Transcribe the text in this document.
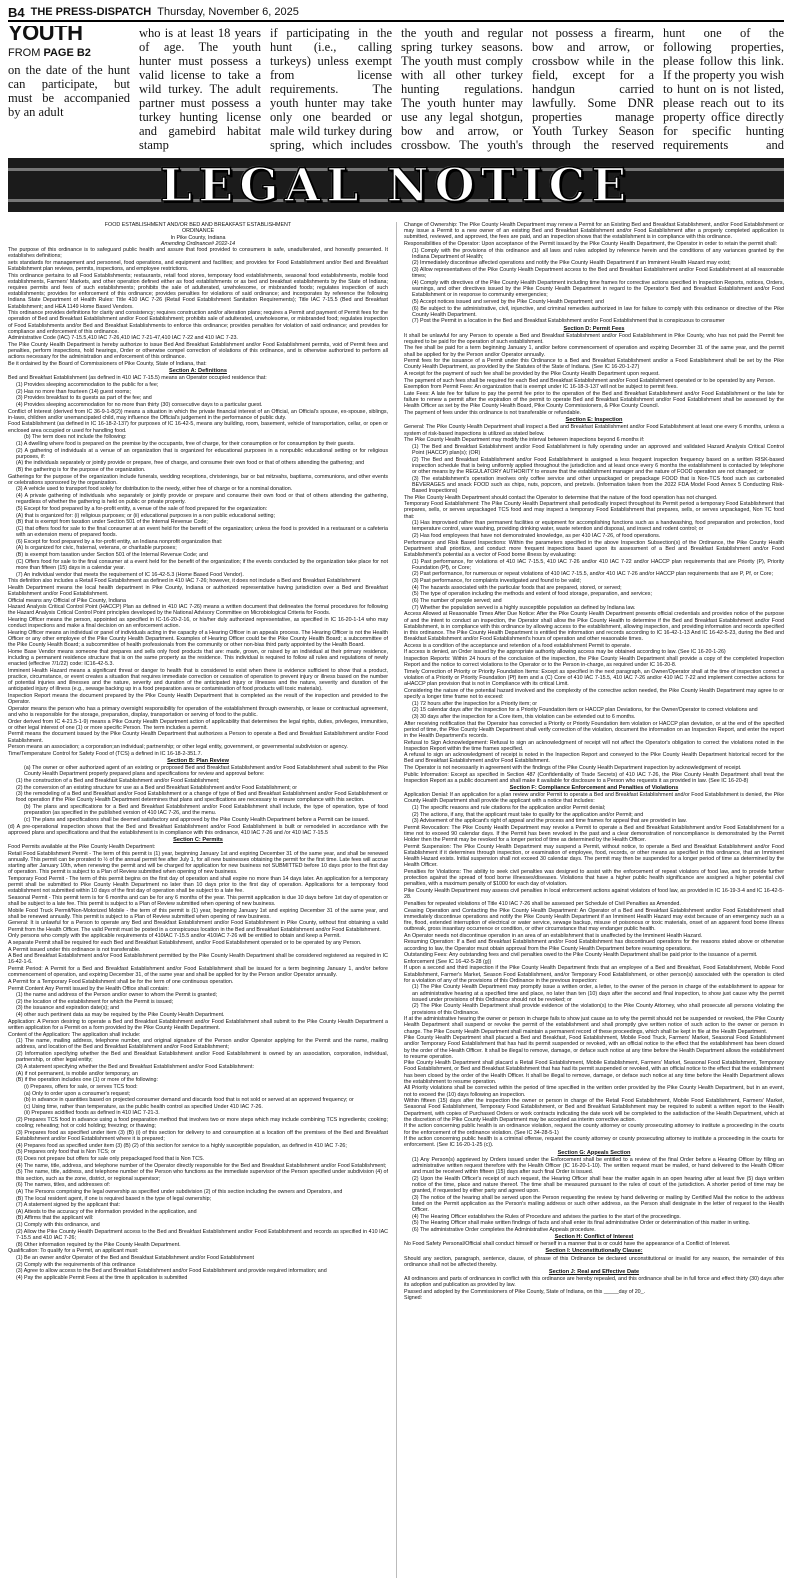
B4 THE PRESS-DISPATCH Thursday, November 6, 2025
YOUTH
FROM PAGE B2
on the date of the hunt can participate, but must be accompanied by an adult
who is at least 18 years of age. The youth hunter must possess a valid license to take a wild turkey. The adult partner must possess a turkey hunting license and gamebird habitat stamp
if participating in the hunt (i.e., calling turkeys) unless exempt from license requirements. The youth hunter may take only one bearded or male wild turkey during spring, which includes
the youth and regular spring turkey seasons. The youth must comply with all other turkey hunting regulations. The youth hunter may use any legal shotgun, bow and arrow, or crossbow. The youth's
not possess a firearm, bow and arrow, or crossbow while in the field, except for a handgun carried lawfully. Some DNR properties manage Youth Turkey Season through the reserved
hunt one of the following properties, please follow this link. If the property you wish to hunt on is not listed, please reach out to its property office directly for specific hunting requirements and
LEGAL NOTICE
FOOD ESTABLISHMENT AND/OR BED AND BREAKFAST ESTABLISHMENT
ORDINANCE
In Pike County, Indiana
Amending Ordinance# 2022-14

The purpose of this ordinance is to safeguard public health and assure that food provided to consumers is safe, unadulterated, and honestly presented. It establishes definitions;

sets standards for management and personnel, food operations, and equipment and facilities; and provides for Food Establishment and/or Bed and Breakfast Establishment plan reviews, permits, inspections, and employee restrictions.

This ordinance pertains to all Food Establishments; restaurants, retail food stores, temporary food establishments, seasonal food establishments, mobile food establishments, Farmers' Markets, and other operation defined either as food establishments or as bed and breakfast establishments by the State of Indiana; requires permits and fees of such establishments; prohibits the sale of adulterated, unwholesome, or misbranded foods; regulates inspection of such establishments; provides for enforcement of this ordinance; provides penalties for violations of said ordinance; and incorporates by reference the following Indiana State Department of Health Rules: Title 410 IAC 7-26 (Retail Food Establishment Sanitation Requirements); Title IAC 7-15.5 (Bed and Breakfast Establishment; and HEA 1149 Home Based Vendors.

This ordinance provides definitions for clarity and consistency; requires construction and/or alteration plans; requires a Permit and payment of Permit fees for the operation of Bed and Breakfast Establishment and/or Food Establishment; prohibits sale of adulterated, unwholesome, or misbranded food; regulates inspection of Food Establishments and/or Bed and Breakfast Establishments to enforce this ordinance; provides penalties for violation of said ordinance; and provides for compliance and enforcement of this ordinance.

Administrative Code (IAC) 7-15.5,410 IAC 7-26,410 IAC 7-21-47,410 IAC 7-22 and 410 IAC 7-23.

The Pike County Health Department is hereby authorize to issue Bed And Breakfast Establishment and/or Food Establishment permits, void of Permit fees and penalties, perform inspections, hold hearings, Order or otherwise compel correction of violations of this ordinance, and is otherwise authorized to perform all actions necessary for the administration and enforcement of this ordinance.

Be it ordained by the Board of Commissioners of Pike County, State of Indiana, that:

Section A: Definitions

Bed and Breakfast Establishment (as defined in 410 IAC 7-15.5) means an Operator occupied residence that:

(1) Provides sleeping accommodation to the public for a fee;

(2) Has no more than fourteen (14) guest rooms;

(3) Provides breakfast to its guests as part of the fee; and

(4) Provides sleeping accommodation for no more than thirty (30) consecutive days to a particular guest.

Conflict of Interest (derived from IC 36-9-1-8(2)) means a situation in which the private financial interest of an Official, an Official's spouse, ex-spouse, siblings, in-laws, children and/or unemancipated child, may influence the Official's judgement in the performance of public duty.

Food Establishment (as defined in IC 16-18-2-137) for purposes of IC 16-42-5, means any building, room, basement, vehicle of transportation, cellar, or open or enclosed area occupied or used for handling food.

(b) The term does not include the following:

(1) A dwelling where food is prepared on the premise by the occupants, free of charge, for their consumption or for consumption by their guests.

(2) A gathering of individuals at a venue of an organization that is organized for educational purposes in a nonpublic educational setting or for religious purposes, if:

(A) the individuals separately or jointly provide or prepare, free of charge, and consume their own food or that of others attending the gathering; and

(B) the gathering is for the purpose of the organization.

Gatherings for the purpose of the organization include funerals, wedding receptions, christenings, bar or bat mitzvahs, baptisms, communions, and other events or celebrations sponsored by the organization.

(3) A vehicle used to transport food solely for distribution to the needy, either free of charge or for a nominal donation.

(4) A private gathering of individuals who separately or jointly provide or prepare and consume their own food or that of others attending the gathering, regardless of whether the gathering is held on public or private property.

(5) Except for food prepared by a for-profit entity, a venue of the sale of food prepared for the organization:

(A) that is organized for: (i) religious purposes; or (ii) educational purposes in a non public educational setting;

(B) that is exempt from taxation under Section 501 of the Internal Revenue Code;

(C) that offers food for sale to the final consumer at an event held for the benefit of the organization; unless the food is provided in a restaurant or a cafeteria with an extension menu of prepared foods.

(6) Except for food prepared by a for-profit entity, an Indiana nonprofit organization that:

(A) Is organized for civic, fraternal, veterans, or charitable purposes;

(B) is exempt from taxation under Section 501 of the Internal Revenue Code; and

(C) Offers food for sale to the final consumer at a event held for the benefit of the organization; if the events conducted by the organization take place for not more than fifteen (15) days in a calendar year.

(7) An individual vendor that meets the requirement of IC 16-42-5.3 (Home Based Food Vendor).

This definition also includes a Retail Food Establishment as defined in 410 IAC 7-26; however, it does not include a Bed and Breakfast Establishment

Health Department means the local health department in Pike County, Indiana or authorized representative having jurisdiction over a Bed and Breakfast Establishment and/or Food Establishment.

Official means any Official of Pike County, Indiana

Hazard Analysis Critical Control Point (HACCP) Plan as defined in 410 IAC 7-26) means a written document that delineates the formal procedures for following the Hazard Analysis Critical Control Point principles developed by the National Advisory Committee on Microbiological Criteria for Foods.

Hearing Officer means the person, appointed as specified in IC-16-20-2-16, or his/her duly authorized representative, as specified in IC 16-20-1-14 who may conduct inspections and make a final decision on an enforcement action.

Hearing Officer means an individual or panel of individuals acting in the capacity of a Hearing Officer in an appeals process. The Hearing Officer is not the Health Officer or any other employee of the Pike County Health Department. Examples of Hearing Officer could be the Pike County Health Board; a subcommittee of the Pike County Health Board; a subcommittee of health professionals from the community or other non-bias third party appointed by the Health Board.

Home Base Vendor means someone that prepares and sells only food products that are: made, grown, or raised by an individual at their primary residence, including a permanent residence structure that is on the same property as the residence. This individual is required to follow all rules and regulations of newly enacted (effective 7/1/22) code: IC16-42-5.3.

Imminent Health Hazard means a significant threat or danger to health that is considered to exist when there is evidence sufficient to show that a product, practice, circumstance, or event creates a situation that requires immediate correction or cessation of operation to prevent injury or illness based on the number of potential injuries and illnesses and the nature, severity and duration of the anticipated injury or illnesses and the nature, severity and duration of the anticipated injury of illness (e.g., sewage backing up in a food preparation area or contamination of food products will toxic materials).

Inspection Report means the document prepared by the Pike County Health Department that is completed as the result of the inspection and provided to the Operator.

Operator means the person who has a primary oversight responsibility for operation of the establishment through ownership, or lease or contractual agreement, and who is responsible for the storage, preparation, display, transportation or serving of food to the public.

Order derived from IC 4-21.5-1-9) means a Pike County Health Department action of applicability that determines the legal rights, duties, privileges, immunities, or other legal interest of one (1) or more specific Person. The term includes a permit.

Permit means the document issued by the Pike County Health Department that authorizes a Person to operate a Bed and Breakfast Establishment and/or Food Establishment.

Person means an association; a corporation;an individual; partnership; or other legal entity, government, or governmental subdivision or agency.

Time/Temperature Control for Safety Food of (TCS) a defined in IC 16-18-2-351.7.

Section B: Plan Review

(a) The owner or other authorized agent of an existing or proposed Bed and Breakfast Establishment and/or Food Establishment shall submit to the Pike County Health Department properly prepared plans and specifications for review and approval before:

(1) the construction of a Bed and Breakfast Establishment and/or Food Establishment;

(2) the conversion of an existing structure for use as a Bed and Breakfast Establishment and/or Food Establishment; or

(3) the remodeling of a Bed and Breakfast and/or Food Establishment or a change of type of Bed and Breakfast Establishment and/or Food Establishment or food operation if the Pike County Health Department determines that plans and specifications are necessary to ensure compliance with this section.

(b) The plans and specifications for a Bed and Breakfast Establishment and/or Food Establishment shall include, the type of operation, type of food preparation (as specified in the published version of 410 IAC 7-26, and the menu.

(c) The plans and specifications shall be deemed satisfactory and approved by the Pike County Health Department before a Permit can be issued.

(d) A pre-operational inspection shows that the Bed and Breakfast Establishment and/or Food Establishment is built or remodeled in accordance with the approved plans and specifications and that the establishment is in compliance with this ordinance, 410 IAC 7-26 and /or 410 IAC 7-15.5

Section C: Permits

Food Permits available at the Pike County Health Department:

Retail Food Establishment Permit - The term of this permit is (1) year, beginning January 1st and expiring December 31 of the same year, and shall be renewed annually. This permit can be prorated to ½ of the annual permit fee after July 1, for all new businesses obtaining the permit for the first time. Late fees will accrue starting after January 10th, when renewing the permit and will be charged for application for new business not SUBMITTED before 10 days prior to the first day of operation. This permit is subject to a Plan of Review submitted when opening of new business.

Temporary Food Permit - The term of this permit begins on the first day of operation and shall expire no more than 14 days later. An application for a temporary permit shall be submitted to Pike County Health Department no later than 10 days prior to the first day of operation. Applications for a temporary food establishment not submitted within 10 days of the first day of operation shall be subject to a late fee.

Seasonal Permit - This permit term is for 6 months and can be for any 6 months of the year. This permit application is due 10 days before 1st day of operation or shall be subject to a late fee. This permit is subject to a Plan of Review submitted when opening of new business.

Mobile Food Truck Permit/Non-Motorized Mobile - the term of this permit is (1) year, beginning January 1st and expiring December 31 of the same year, and shall be renewed annually. This permit is subject to a Plan of Review submitted when opening of new business.

General: It is unlawful for a Person to operate any Bed and Breakfast Establishment and/or Food Establishment in Pike County, without first obtaining a valid Permit from the Health Officer. The valid Permit must be posted in a conspicuous location in the Bed and Breakfast Establishment and/or Food Establishment.

Only persons who comply with the applicable requirements of 410IAC 7-15.5 and/or 410IAC 7-26 will be entitled to obtain and keep a Permit.

A separate Permit shall be required for each Bed and Breakfast Establishment, and/or Food Establishment operated or to be operated by any Person.

A Permit issued under this ordinance is not transferable.

A Bed and Breakfast Establishment and/or Food Establishment permitted by the Pike County Health Department shall be considered registered as required in IC 16-42-1-6.

Permit Period: A Permit for a Bed and Breakfast Establishment and/or Food Establishment shall be issued for a term beginning January 1, and/or before commencement of operation, and expiring December 31, of the same year and shall be applied for by the Person and/or Operator annually.

A Permit for a Temporary Food Establishment shall be for the term of one continuous operation.

Permit Content Any Permit issued by the Health Office shall contain:

(1) the name and address of the Person and/or owner to whom the Permit is granted;

(2) the location of the establishment for which the Permit is issued;

(3) the issuance and expiration date(s); and

(4) other such pertinent data as may be required by the Pike County Health Department.

Application: A Person desiring to operate a Bed and Breakfast Establishment and/or Food Establishment shall submit to the Pike County Health Department a written application for a Permit on a form provided by the Pike County Health Department.

Content of the Application: The application shall include:

(1) The name, mailing address, telephone number, and original signature of the Person and/or Operator applying for the Permit and the name, mailing address, and location of the Bed and Breakfast Establishment and/or Food Establishment;

(2) Information specifying whether the Bed and Breakfast Establishment and/or Food Establishment is owned by an association, corporation, individual, partnership, or other legal entity;

(3) A statement specifying whether the Bed and Breakfast Establishment and/or Food Establishment:

(A) if not permanent, is mobile and/or temporary, an

(B) if the operation includes one (1) or more of the following:

(i) Prepares, offers for sale, or serves TCS food:

(a) Only to order upon a consumer's request;

(b) in advance in quantities based on projected consumer demand and discards food that is not sold or served at an approved frequency; or

(c) Using time, rather than temperature, as the public health control as specified Under 410 IAC 7-26.

(ii) Prepares acidified foods as defined in 410 IAC 7-21-3.

(2) Prepares TCS food in advance using a food preparation method that involves two or more steps which may include combining TCS ingredients; cooking; cooling; reheating; hot or cold holding; freezing; or thawing;

(3) Prepares food as specified under item (3) (B) (i) of this section for delivery to and consumption at a location off the premises of the Bed and Breakfast Establishment and/or Food Establishment where it is prepared;

(4) Prepares food as specified under item (3) (B) (2) of this section for service to a highly susceptible population, as defined in 410 IAC 7-26;

(5) Prepares only food that is Non TCS; or

(6) Does not prepare but offers for sale only prepackaged food that is Non TCS.

(4) The name, title, address, and telephone number of the Operator directly responsible for the Bed and Breakfast Establishment and/or Food Establishment;

(5) The name, title, address, and telephone number of the Person who functions as the immediate supervisor of the Person specified under subdivision (4) of this section, such as the zone, district, or regional supervisor;

(6) The names, titles, and addresses of:

(A) The Persons comprising the legal ownership as specified under subdivision (2) of this section including the owners and Operators, and

(B) The local resident agent, if one is required based n the type of legal ownership;

(7) A statement signed by the applicant that:

(A) Attests to the accuracy of the information provided in the application, and

(B) Affirms that the applicant will:

(1) Comply with this ordinance, and

(2) Allow the Pike County Health Department access to the Bed and Breakfast Establishment and/or Food Establishment and records as specified in 410 IAC 7-15.5 and 410 IAC 7-26;

(8) Other information required by the Pike County Health Department.

Qualification: To qualify for a Permit, an applicant must:

(1) Be an owner and/or Operator of the Bed and Breakfast Establishment and/or Food Establishment

(2) Comply with the requirements of this ordinance

(3) Agree to allow access to the Bed and Breakfast Establishment and/or Food Establishment and provide required information; and

(4) Pay the applicable Permit Fees at the time th application is submitted

Change of Ownership: The Pike County Health Department may renew a Permit for an Existing Bed and Breakfast Establishment, and/or Food Establishment or may issue a Permit to a new owner of an existing Bed and Breakfast Establishment and/or Food Establishment after a properly completed application is submitted, reviewed, and approved, the fees are paid, and an inspection shows that the establishment is in compliance with this ordinance.

Responsibilities of the Operator: Upon acceptance of the Permit issued by the Pike County Health Department, the Operator in order to retain the permit shall:

(1) Comply with the provisions of this ordinance and all laws and rules adopted by reference herein and the conditions of any variances granted by the Indiana Department of Health;

(2) Immediately discontinue affected operations and notify the Pike County Health Department if an Imminent Health Hazard may exist;

(3) Allow representatives of the Pike County Health Department access to the Bed and Breakfast Establishment and/or Food Establishment at all reasonable times;

(4) Comply with directives of the Pike County Health Department including time frames for corrective actions specified in Inspection Reports, notices, Orders, warnings, and other directives issued by the Pike County Health Department in regard to the Operator's Bed and Breakfast Establishment and/or Food Establishment or in response to community emergencies;

(5) Accept notices issued and served by the Pike County Health Department; and

(6) Be subject to the administrative, civil, injunctive, and criminal remedies authorized in law for failure to comply with this ordinance or directive of the Pike County Health Department.

(7) Post the Permit in a location in the Bed and Breakfast Establishment and/or Food Establishment that is conspicuous to consumer

Section D: Permit Fees

It shall be unlawful for any Person to operate a Bed and Breakfast Establishment and/or Food Establishment in Pike County, who has not paid the Permit fee required to be paid for the operation of such establishment.

The fee shall be paid for a term beginning January 1, and/or before commencement of operation and expiring December 31 of the same year, and the permit shall be applied for by the Person and/or Operator annually.

Permit fees for the issuance of a Permit under this Ordinance to a Bed and Breakfast Establishment and/or a Food Establishment shall be set by the Pike County Health Department, as provided by the Statutes of the State of Indiana. (See IC 16-20-1-27)

A receipt for the payment of such fee shall be provided by the Pike County Health Department upon request.

The payment of such fees shall be required for each Bed and Breakfast Establishment and/or Food Establishment operated or to be operated by any Person.

Exemption from Permit Fees: An organization that is exempt under IC 16-18-3-137 will not be subject to permit fees.

Late Fees: A late fee for failure to pay the permit fee prior to the operation of the Bed and Breakfast Establishment and/or Food Establishment or the late for failure to renew a permit after the expiration of the permit to operate Bed and Breakfast Establishment and/or Food Establishment shall be assessed by the Health Officer as set by the Pike County Health Board, Pike County Commissioners, & Pike County Council.

The payment of fees under this ordinance is not transferable or refundable.

Section E: Inspection

General: The Pike County Health Department shall inspect a Bed and Breakfast Establishment and/or Food Establishment at least one every 6 months, unless a system of risk-based inspections is utilized as stated below.

The Pike County Health Department may modify the interval between inspections beyond 6 months if:

(1) The Bed and Breakfast Establishment and/or Food Establishment is fully operating under an approved and validated Hazard Analysis Critical Control Point (HACCP) plan(s); (OR)

(2) The Bed and Breakfast Establishment and/or Food Establishment is assigned a less frequent inspection frequency based on a written RISK-based inspection schedule that is being uniformly applied throughout the jurisdiction and at least once every 6 months the establishment is contacted by telephone or other means by the REGULATORY AUTHORITY to ensure that the establishment manager and the nature of FOOD operation are not changed; or

(3) The establishment's operation involves only coffee service and other unpackaged or prepackage FOOD that is Non-TCS food such as carbonated BEVERAGES and snack FOOD such as chips, nuts, popcorn, and pretzels. (Information taken from the 2022 FDA Model Food Annex 5 Conducting Risk-Based Inspections)

The Pike County Health Department should contact the Operator to determine that the nature of the food operation has not changed.

Temporary Food Establishment: The Pike County Health Department shall periodically inspect throughout its Permit period a temporary Food Establishment that prepares, sells, or serves unpackaged TCS food and may inspect a temporary Food Establishment that prepares, sells, or serves unpackaged, Non TC food that:

(1) Has improvised rather than permanent facilities or equipment for accomplishing functions such as a handwashing, food preparation and protection, food temperature control, ware washing, providing drinking water, waste retention and disposal, and insect and rodent control; or

(2) Has food employees that have not demonstrated knowledge, as per 410 IAC 7-26, of food operations.

Performance and Risk Based Inspections: Within the parameters specified in the above Inspection Subsection(s) of the Ordinance, the Pike County Health Department shall prioritize, and conduct more frequent inspections based upon its assessment of a Bed and Breakfast Establishment and/or Food Establishment's potential as a vector of Food borne illness by evaluating:

(1) Past performance, for violations of 410 IAC 7-15.5, 410 IAC 7-26 and/or 410 IAC 7-22 and/or HACCP plan requirements that are Priority (P), Priority Foundation (Pf), or Core;

(2) Past performance, for numerous or repeat violations of 410 IAC 7-15.5, and/or 410 IAC 7-26 and/or HACCP plan requirements that are P, Pf, or Core;

(3) Past performance, for complaints investigated and found to be valid;

(4) The hazards associated with the particular foods that are prepared, stored, or served;

(5) The type of operation including the methods and extent of food storage, preparation, and services;

(6) The number of people served; and

(7) Whether the population served is a highly susceptible population as defined by Indiana law.

Access Allowed at Reasonable Times After Due Notice: After the Pike County Health Department presents official credentials and provides notice of the purpose of and the intent to conduct an inspection, the Operator shall allow the Pike County Health to determine if the Bed and Breakfast Establishment and/or Food Establishment, is in compliance with this ordinance by allowing access to the establishment, allowing inspection, and providing information and records specified in this ordinance. The Pike County Health Department is entitled the information and records according to IC 16-42-1-13 And IC 16-42-5-23, during the Bed and Breakfast Establishment and/or Food Establishment's hours of operation and other reasonable times.

Access is a condition of the acceptance and retention of a food establishment Permit to operate.

If access is denied, an Order issued by the appropriate authority allowing access may be obtained according to law. (See IC 16-20-1-26)

Inspection Reports: Within 24 hours of the conclusion of the inspection, the Pike County Health Department shall provide a copy of the completed Inspection Report and the notice to correct violations to the Operator or to the Person in-charge, as required under IC 16-20-8.

Timely Correction of Priority or Priority Foundation Items: Except as specified in the next paragraph, an Owner/Operator shall at the time of inspection correct a violation of a Priority or Priority Foundation (Pf) item and a (C) Core of 410 IAC 7-15.5, 410 IAC 7-26 and/or 410 IAC 7-22 and implement corrective actions for aHACCP plan provision that is not in Compliance with its critical Limit.

Considering the nature of the potential hazard involved and the complexity of the corrective action needed, the Pike County Health Department may agree to or specify a longer time frame not to exceed:

(1) 72 hours after the inspection for a Priority item; or

(2) 15 calendar days after the inspection for a Priority Foundation item or HACCP plan Deviations, for the Owner/Operator to correct violations and

(3) 30 days after the inspection for a Core item, this violation can be extended out to 6 months.

After receiving notification that the Operator has corrected a Priority or Priority Foundation item violation or HACCP plan deviation, or at the end of the specified period of time, the Pike County Health Department shall verify correction of the violation, document the information on an Inspection Report, and enter the report in the Health Department's records.

Refusal to Sign Acknowledgement: Refusal to sign an acknowledgment of receipt will not affect the Operator's obligation to correct the violations noted in the Inspection Report within the time frames specified.

A refusal to sign an acknowledgment of receipt is noted in the Inspection Report and conveyed to the Pike County Health Department historical record for the Bed and Breakfast Establishment and/or Food Establishment.

The Operator is not necessarily in agreement with the findings of the Pike County Health Department inspection by acknowledgment of receipt.

Public Information: Except as specified in Section 487 (Confidentiality of Trade Secrets) of 410 IAC 7-26, the Pike County Health Department shall treat the Inspection Report as a public document and shall make it available for disclosure to a Person who requests it as provided in law. (See IC 16-20-8)

Section F: Compliance Enforcement and Penalties of Violations

Application Denial: If an application for a plan review and/or Permit to operate a Bed and Breakfast Establishment and/or Food Establishment is denied, the Pike County Health Department shall provide the applicant with a notice that includes:

(1) The specific reasons and rule citations for the application and/or Permit denial;

(2) The actions, if any, that the applicant must take to qualify for the application and/or Permit; and

(3) Advisement of the applicant's right of appeal and the process and time frames for appeal that are provided in law.

Permit Revocation: The Pike County Health Department may revoke a Permit to operate a Bed and Breakfast Establishment and/or Food Establishment for a time not to exceed 90 calendar days. If the Permit has been revoked in the past and a clear demonstration of noncompliance is demonstrated by the Permit Holder then the Permit may be revoked for a longer period of time as determined by the Health Officer.

Permit Suspension: The Pike County Health Department may suspend a Permit, without notice, to operate a Bed and Breakfast Establishment and/or Food Establishment if it determines through inspection, or examination of employee, food, records, or other means as specified in this ordinance, that an Imminent Health Hazard exists. Initial suspension shall not exceed 30 calendar days. The permit may then be suspended for a longer period of time as determined by the Health Officer.

Penalties for Violations: The ability to seek civil penalties was designed to assist with the enforcement of repeat violators of food law, and to provide further protection against the spread of food borne illnesses/diseases. Violations that have a higher public health significance are assigned a higher potential civil penalties, with a maximum penalty of $1000 for each day of violation.

Pike County Health Department may assess civil penalties in local enforcement actions against violators of food law, as provided in IC 16-19-3-4 and IC 16-42-5-28.

Penalties for repeated violations of Title 410 IAC 7-26 shall be assessed per Schedule of Civil Penalties as Amended.

Ceasing Operation and Contacting the Pike County Health Department: An Operator of a Bed and Breakfast Establishment and/or Food Establishment shall immediately discontinue operations and notify the Pike County Health Department if an Imminent Health Hazard may exist because of an emergency such as a fire, flood, extended interruption of electrical or water service, sewage backup, misuse of poisonous or toxic materials, onset of an apparent food borne illness outbreak, gross insanitary occurrence or condition, or other circumstance that may endanger public health.

An Operator needs not discontinue operation in an area of an establishment that is unaffected by the Imminent Health Hazard.

Resuming Operation: If a Bed and Breakfast Establishment and/or Food Establishment has discontinued operations for the reasons stated above or otherwise according to law, the Operator must obtain approval from the Pike County Health Department before resuming operations.

Outstanding Fees: Any outstanding fees and civil penalties owed to the Pike County Health Department shall be paid prior to the issuance of a permit.

Enforcement (See IC 16-42-5-28 (g))

If upon a second and third inspection if the Pike County Health Department finds that an employee of a Bed and Breakfast, Food Establishment, Mobile Food Establishment, Farmer's Market, Season Food Establishment, and/or Temporary Food Establishment, or other person(s) associated with the operation is cited for a violation of any of the provisions of this Ordinance in the previous inspection:

(1) The Pike County Health Department may promptly issue a written order, a letter, to the owner of the person in charge of the establishment to appear for an administrative hearing at a specified time and place, no later than ten (10) days after the second and final inspection, to show just cause why the permit issued under provisions of this Ordinance should not be revoked; or

(2) The Pike County Health Department shall provide evidence of the violation(s) to the Pike County Attorney, who shall prosecute all persons violating the provisions of this Ordinance.

If at the administrative hearing the owner or person in charge fails to show just cause as to why the permit should not be suspended or revoked, the Pike County Health Department shall suspend or revoke the permit of the establishment and shall promptly give written notice of such action to the owner or person in charge. The Pike County Health Department shall maintain a permanent record of these proceedings, which shall be kept in file at the Health Department.

Pike County Health Department shall placard a Bed and Breakfast, Food Establishment, Mobile Food Truck, Farmers' Market, Seasonal Food Establishment and/or Temporary Food Establishment that has had its permit suspended or revoked, with an official notice to the effect that the establishment has been closed by the order of the Health Officer. It shall be illegal to remove, damage, or deface such notice at any time before the Health Department allows the establishment to resume operation.

Pike County Health Department shall placard a Retail Food Establishment, Mobile Establishment, Farmers' Market, Seasonal Food Establishment, Temporary Food Establishment, or Bed and Breakfast Establishment that has had its permit suspended or revoked, with an official notice to the effect that the establishment has been closed by the order of the Health Officer. It shall be illegal to remove, damage, or deface such notice at any time before the Health Department allows the establishment to resume operation.

All Priority violations shall be corrected within the period of time specified in the written order provided by the Pike County Health Department, but in an event, not to exceed the (10) days following an inspection.

Within fifteen (15) days after the inspection the owner or person in charge of the Retail Food Establishment, Mobile Food Establishment, Farmers' Market, Seasonal Food Establishment, Temporary Food Establishment, or Bed and Breakfast Establishment may be required to submit a written report to the Health Department, with copies of Purchased Orders or work contracts indicating the date work will be completed to the satisfaction of the Health Department, which at the discretion of the Pike County Health Department may be accepted as interim corrective action.

If the action concerning public health is an ordinance violation, request the county attorney or county prosecuting attorney to institute a proceeding in the courts for the enforcement of the ordinance violation. (See IC 34-28-5-1)

If the action concerning public health is a criminal offense, request the county attorney or county prosecuting attorney to institute a proceeding in the courts for enforcement. (See IC 16-20-1-25 (c)).

Section G: Appeals Section

(1) Any Person(s) aggrieved by Orders issued under the Enforcement shall be entitled to a review of the final Order before a Hearing Officer by filling an administrative written request therefore with the Health Officer (IC 16-20-1-10). The written request must be mailed, or hand delivered to the Health Officer and must be received within fifteen (15) days after such final Order is issued.

(2) Upon the Health Officer's receipt of such request, the Hearing Officer shall hear the matter again in an open hearing after at least five (5) days written notice of the time, place and nature thereof. The time shall be measured pursuant to the rules of court of the jurisdiction. A shorter period of time may be granted, if requested by either party and agreed upon.

(3) The notice of the hearing shall be served upon the Person requesting the review by hand delivering or mailing by Certified Mail the notice to the address listed on the Permit application as the Person's mailing address or such other address, as the Person shall designate in the letter of request to the Health Officer.

(4) The Hearing Officer establishes the Rules of Procedure and advises the parties to the start of the proceedings.

(5) The Hearing Officer shall make written findings of facts and shall enter its final administrative Order or determination of this matter in writing.

(6) The administrative Order completes the Administrative Appeals procedure.

Section H: Conflict of Interest

No Food Safety Personal/Official shall conduct himself or herself in a manner that is or could have the appearance of a Conflict of Interest.

Section I: Unconstitutionally Clause:

Should any section, paragraph, sentence, clause, of phrase of this Ordinance be declared unconstitutional or invalid for any reason, the remainder of this ordinance shall not be affected thereby.

Section J: Real and Effective Date

All ordinances and parts of ordinances in conflict with this ordinance are hereby repealed, and this ordinance shall be in full force and effect thirty (30) days after its adoption and publication as provided by law.

Passed and adopted by the Commissioners of Pike County, State of Indiana, on this _____day of 20_.

Signed:
